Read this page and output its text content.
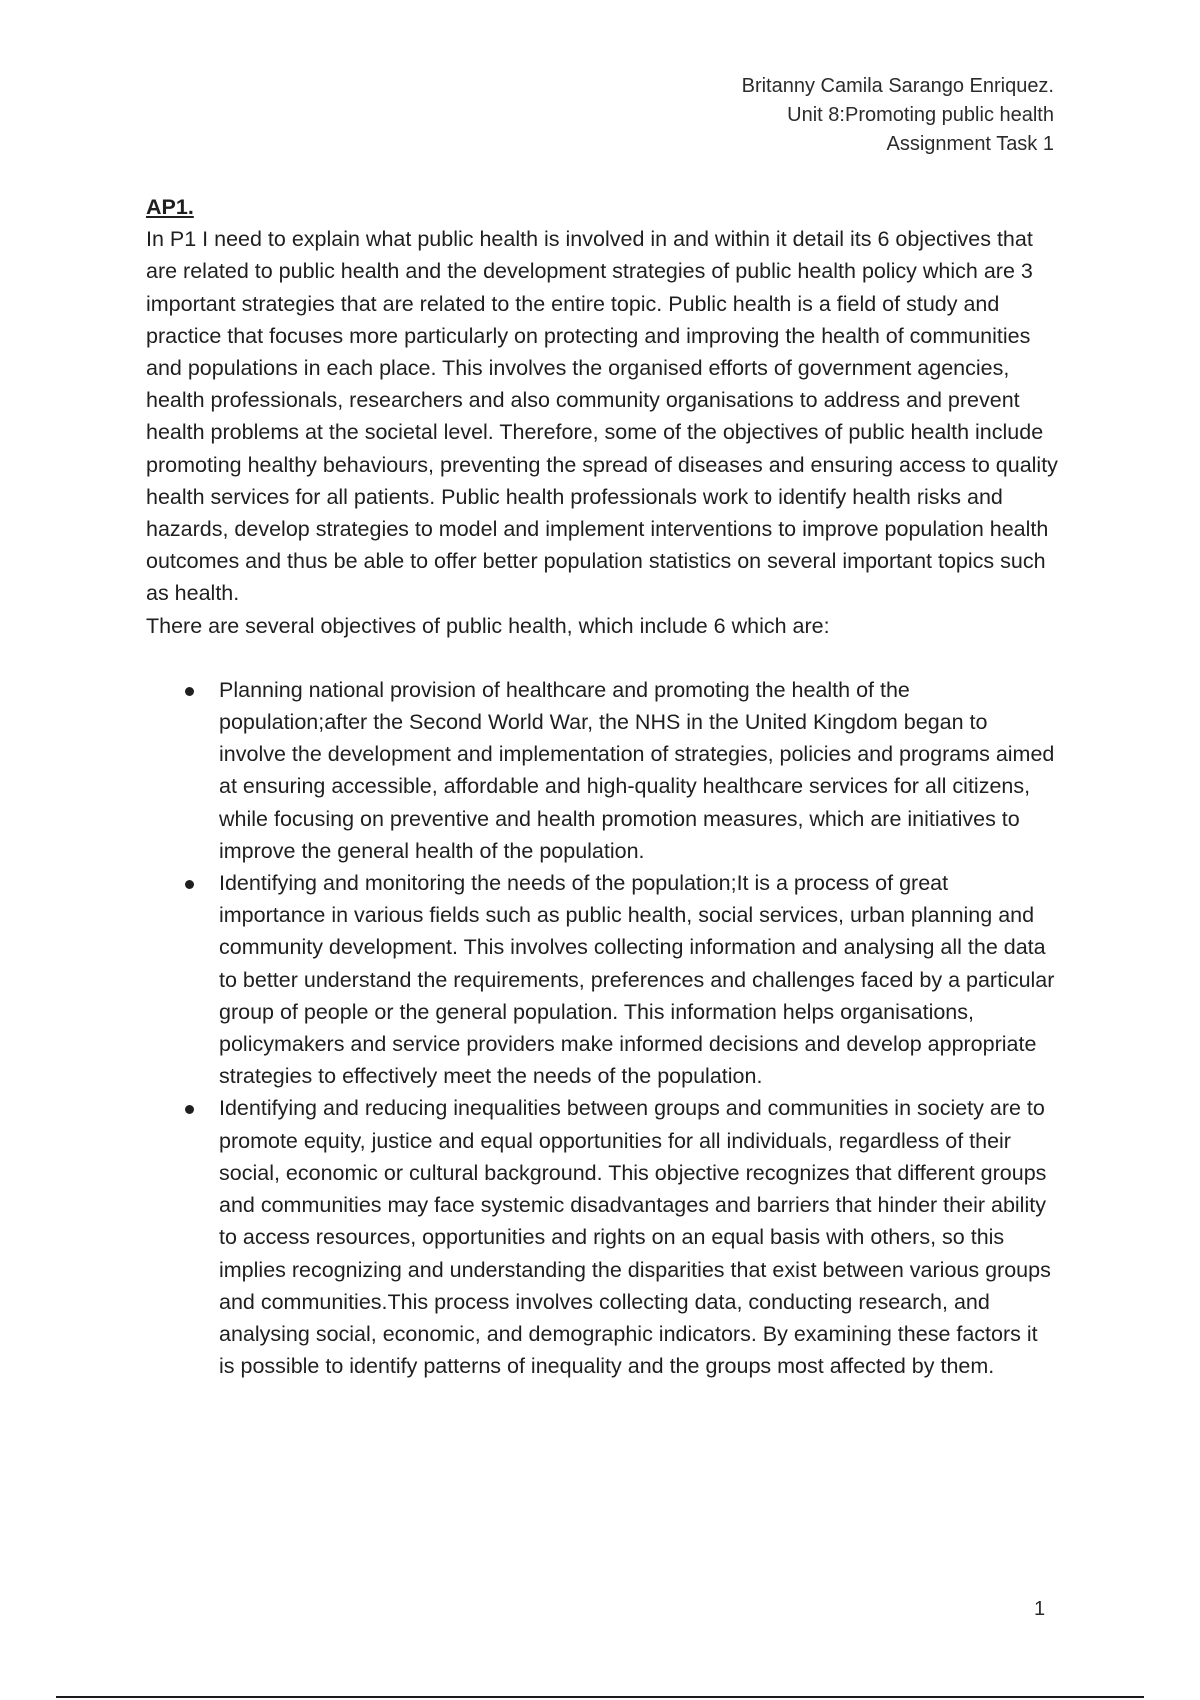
Britanny Camila Sarango Enriquez.
Unit 8:Promoting public health
Assignment Task 1

AP1.

In P1 I need to explain what public health is involved in and within it detail its 6 objectives that are related to public health and the development strategies of public health policy which are 3 important strategies that are related to the entire topic. Public health is a field of study and practice that focuses more particularly on protecting and improving the health of communities and populations in each place. This involves the organised efforts of government agencies, health professionals, researchers and also community organisations to address and prevent health problems at the societal level. Therefore, some of the objectives of public health include promoting healthy behaviours, preventing the spread of diseases and ensuring access to quality health services for all patients. Public health professionals work to identify health risks and hazards, develop strategies to model and implement interventions to improve population health outcomes and thus be able to offer better population statistics on several important topics such as health.

There are several objectives of public health, which include 6 which are:

Planning national provision of healthcare and promoting the health of the population;after the Second World War, the NHS in the United Kingdom began to involve the development and implementation of strategies, policies and programs aimed at ensuring accessible, affordable and high-quality healthcare services for all citizens, while focusing on preventive and health promotion measures, which are initiatives to improve the general health of the population.
Identifying and monitoring the needs of the population;It is a process of great importance in various fields such as public health, social services, urban planning and community development. This involves collecting information and analysing all the data to better understand the requirements, preferences and challenges faced by a particular group of people or the general population. This information helps organisations, policymakers and service providers make informed decisions and develop appropriate strategies to effectively meet the needs of the population.
Identifying and reducing inequalities between groups and communities in society are to promote equity, justice and equal opportunities for all individuals, regardless of their social, economic or cultural background. This objective recognizes that different groups and communities may face systemic disadvantages and barriers that hinder their ability to access resources, opportunities and rights on an equal basis with others, so this implies recognizing and understanding the disparities that exist between various groups and communities.This process involves collecting data, conducting research, and analysing social, economic, and demographic indicators. By examining these factors it is possible to identify patterns of inequality and the groups most affected by them.
1
